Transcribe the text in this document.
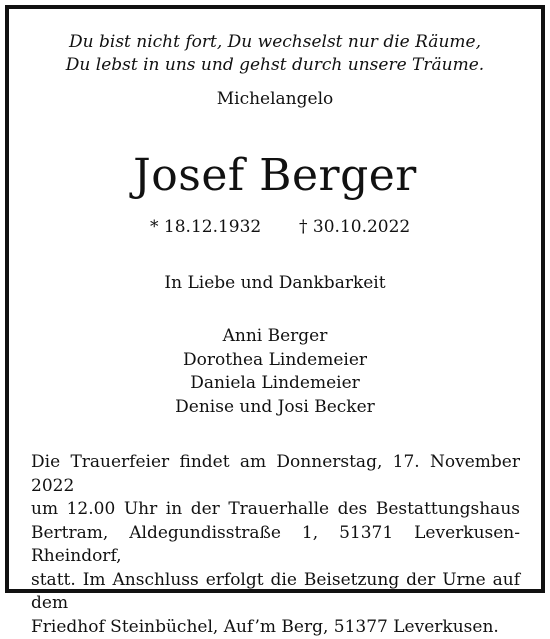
Du bist nicht fort, Du wechselst nur die Räume,
Du lebst in uns und gehst durch unsere Träume.
Michelangelo
Josef Berger
* 18.12.1932 † 30.10.2022
In Liebe und Dankbarkeit
Anni Berger
Dorothea Lindemeier
Daniela Lindemeier
Denise und Josi Becker
Die Trauerfeier findet am Donnerstag, 17. November 2022
um 12.00 Uhr in der Trauerhalle des Bestattungshaus
Bertram, Aldegundisstraße 1, 51371 Leverkusen-Rheindorf,
statt. Im Anschluss erfolgt die Beisetzung der Urne auf dem
Friedhof Steinbüchel, Auf’m Berg, 51377 Leverkusen.
